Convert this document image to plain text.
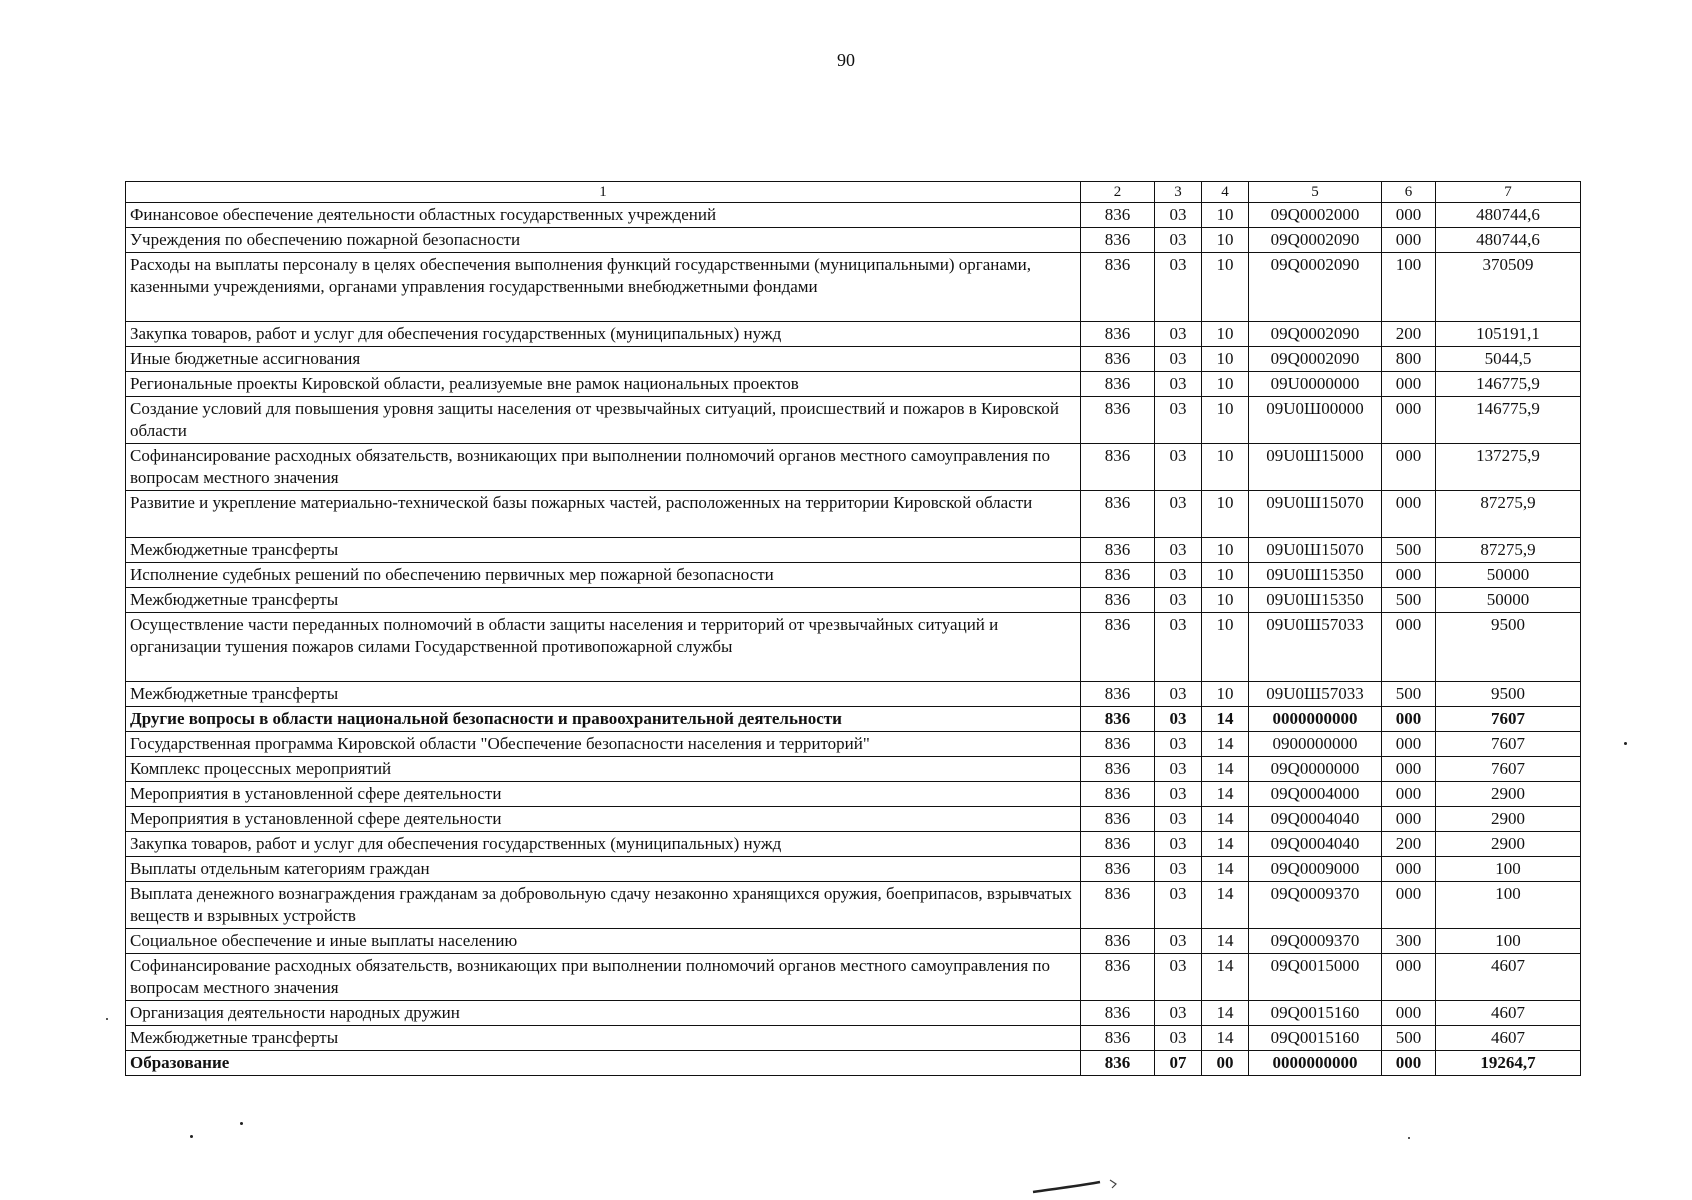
90
1	2	3	4	5	6	7
Финансовое обеспечение деятельности областных государственных учреждений	836	03	10	09Q0002000	000	480744,6
Учреждения по обеспечению пожарной безопасности	836	03	10	09Q0002090	000	480744,6
Расходы на выплаты персоналу в целях обеспечения выполнения функций государственными (муниципальными) органами, казенными учреждениями, органами управления государственными внебюджетными фондами	836	03	10	09Q0002090	100	370509
Закупка товаров, работ и услуг для обеспечения государственных (муниципальных) нужд	836	03	10	09Q0002090	200	105191,1
Иные бюджетные ассигнования	836	03	10	09Q0002090	800	5044,5
Региональные проекты Кировской области, реализуемые вне рамок национальных проектов	836	03	10	09U0000000	000	146775,9
Создание условий для повышения уровня защиты населения от чрезвычайных ситуаций, происшествий и пожаров в Кировской области	836	03	10	09U0Ш00000	000	146775,9
Софинансирование расходных обязательств, возникающих при выполнении полномочий органов местного самоуправления по вопросам местного значения	836	03	10	09U0Ш15000	000	137275,9
Развитие и укрепление материально-технической базы пожарных частей, расположенных на территории Кировской области	836	03	10	09U0Ш15070	000	87275,9
Межбюджетные трансферты	836	03	10	09U0Ш15070	500	87275,9
Исполнение судебных решений по обеспечению первичных мер пожарной безопасности	836	03	10	09U0Ш15350	000	50000
Межбюджетные трансферты	836	03	10	09U0Ш15350	500	50000
Осуществление части переданных полномочий в области защиты населения и территорий от чрезвычайных ситуаций и организации тушения пожаров силами Государственной противопожарной службы	836	03	10	09U0Ш57033	000	9500
Межбюджетные трансферты	836	03	10	09U0Ш57033	500	9500
Другие вопросы в области национальной безопасности и правоохранительной деятельности	836	03	14	0000000000	000	7607
Государственная программа Кировской области "Обеспечение безопасности населения и территорий"	836	03	14	0900000000	000	7607
Комплекс процессных мероприятий	836	03	14	09Q0000000	000	7607
Мероприятия в установленной сфере деятельности	836	03	14	09Q0004000	000	2900
Мероприятия в установленной сфере деятельности	836	03	14	09Q0004040	000	2900
Закупка товаров, работ и услуг для обеспечения государственных (муниципальных) нужд	836	03	14	09Q0004040	200	2900
Выплаты отдельным категориям граждан	836	03	14	09Q0009000	000	100
Выплата денежного вознаграждения гражданам за добровольную сдачу незаконно хранящихся оружия, боеприпасов, взрывчатых веществ и взрывных устройств	836	03	14	09Q0009370	000	100
Социальное обеспечение и иные выплаты населению	836	03	14	09Q0009370	300	100
Софинансирование расходных обязательств, возникающих при выполнении полномочий органов местного самоуправления по вопросам местного значения	836	03	14	09Q0015000	000	4607
Организация деятельности народных дружин	836	03	14	09Q0015160	000	4607
Межбюджетные трансферты	836	03	14	09Q0015160	500	4607
Образование	836	07	00	0000000000	000	19264,7
